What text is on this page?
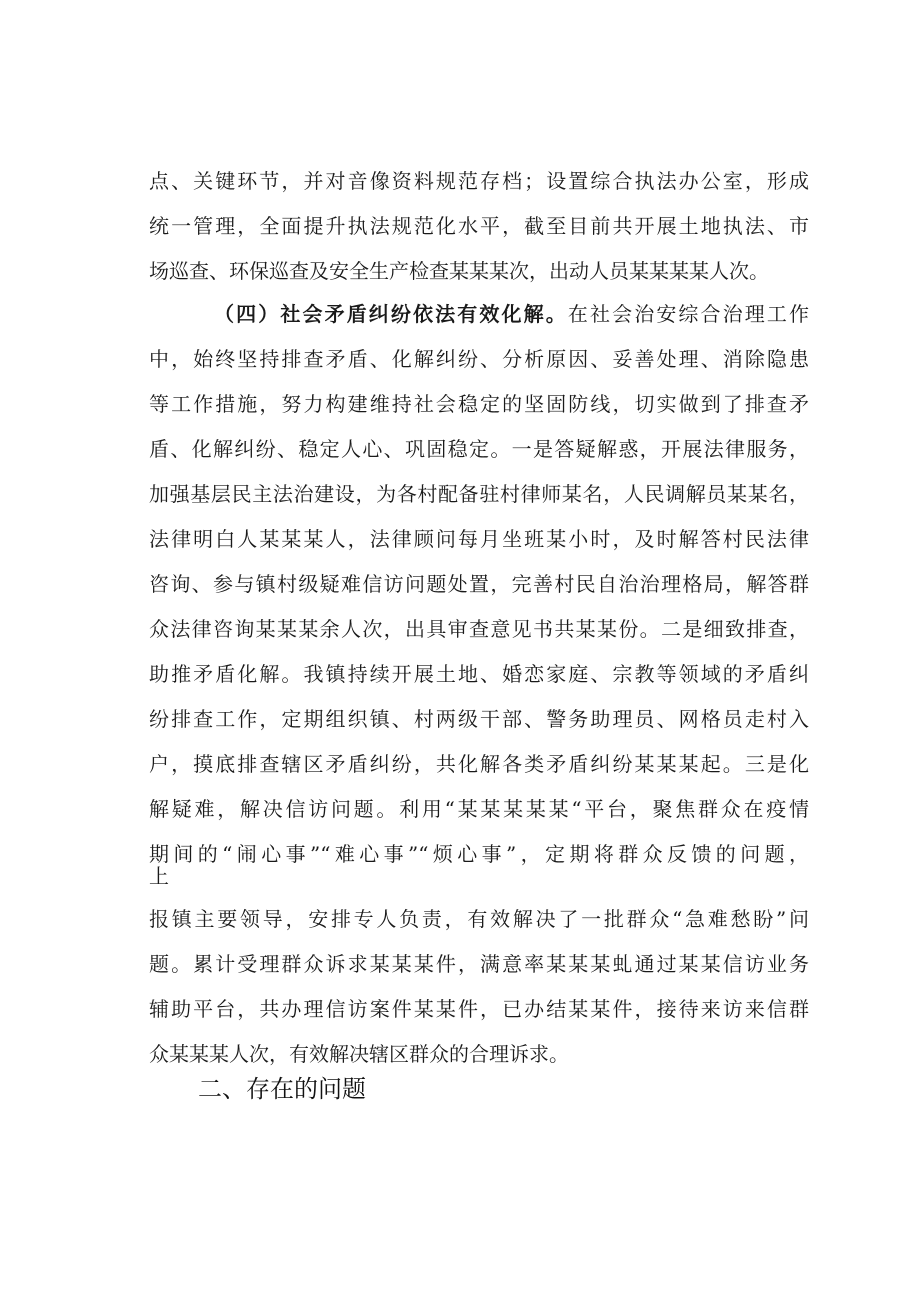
点、关键环节，并对音像资料规范存档；设置综合执法办公室，形成
统一管理，全面提升执法规范化水平，截至目前共开展土地执法、市
场巡查、环保巡查及安全生产检查某某某次，出动人员某某某某人次。
（四）社会矛盾纠纷依法有效化解。在社会治安综合治理工作
中，始终坚持排查矛盾、化解纠纷、分析原因、妥善处理、消除隐患
等工作措施，努力构建维持社会稳定的坚固防线，切实做到了排查矛
盾、化解纠纷、稳定人心、巩固稳定。一是答疑解惑，开展法律服务，
加强基层民主法治建设，为各村配备驻村律师某名，人民调解员某某名，
法律明白人某某某人，法律顾问每月坐班某小时，及时解答村民法律
咨询、参与镇村级疑难信访问题处置，完善村民自治治理格局，解答群
众法律咨询某某某余人次，出具审查意见书共某某份。二是细致排查，
助推矛盾化解。我镇持续开展土地、婚恋家庭、宗教等领域的矛盾纠
纷排查工作，定期组织镇、村两级干部、警务助理员、网格员走村入
户，摸底排查辖区矛盾纠纷，共化解各类矛盾纠纷某某某起。三是化
解疑难，解决信访问题。利用“某某某某某“平台，聚焦群众在疫情
期间的“闹心事”“难心事”“烦心事”，定期将群众反馈的问题，
上
报镇主要领导，安排专人负责，有效解决了一批群众“急难愁盼”问
题。累计受理群众诉求某某某件，满意率某某某虬通过某某信访业务
辅助平台，共办理信访案件某某件，已办结某某件，接待来访来信群
二、存在的问题
众某某某人次，有效解决辖区群众的合理诉求。
